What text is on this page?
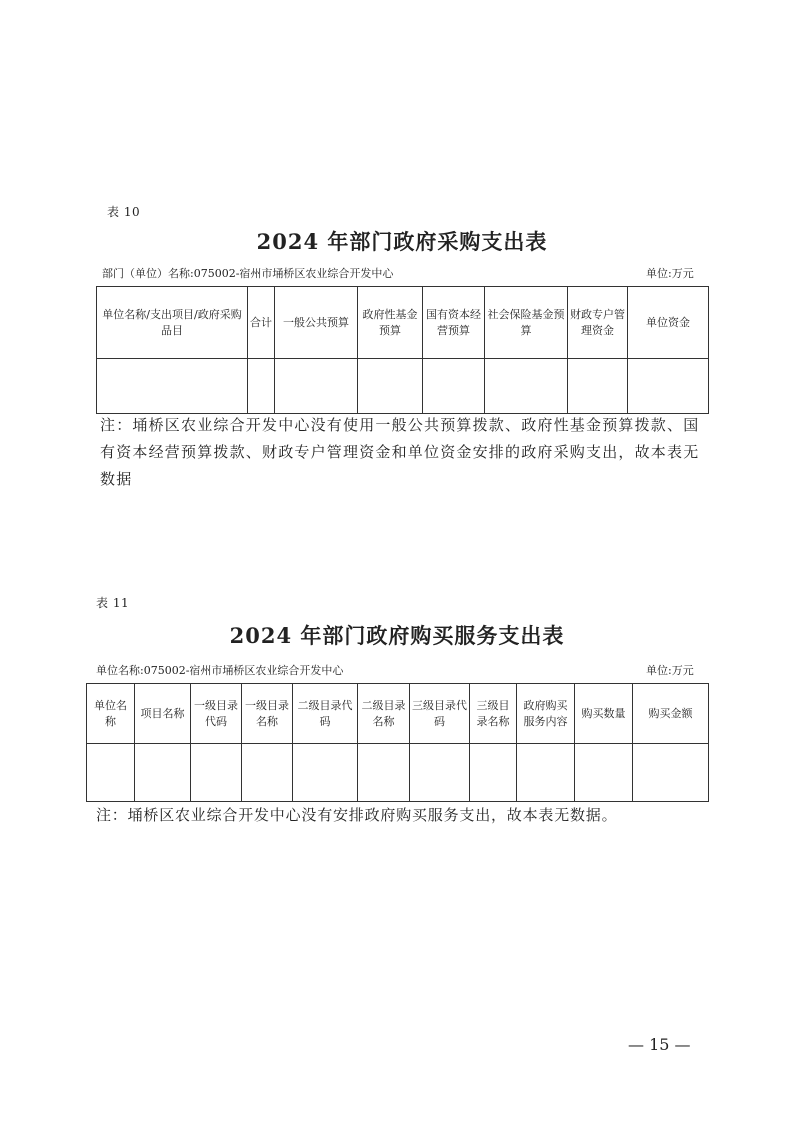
表 10
2024 年部门政府采购支出表
部门（单位）名称:075002-宿州市埇桥区农业综合开发中心	单位:万元
单位名称/支出项目/政府采购品目	合计	一般公共预算	政府性基金预算	国有资本经营预算	社会保险基金预算	财政专户管理资金	单位资金

注：埇桥区农业综合开发中心没有使用一般公共预算拨款、政府性基金预算拨款、国有资本经营预算拨款、财政专户管理资金和单位资金安排的政府采购支出，故本表无数据
表 11
2024 年部门政府购买服务支出表
单位名称:075002-宿州市埇桥区农业综合开发中心	单位:万元
单位名称	项目名称	一级目录代码	一级目录名称	二级目录代码	二级目录名称	三级目录代码	三级目录名称	政府购买服务内容	购买数量	购买金额

注：埇桥区农业综合开发中心没有安排政府购买服务支出，故本表无数据。
— 15 —
